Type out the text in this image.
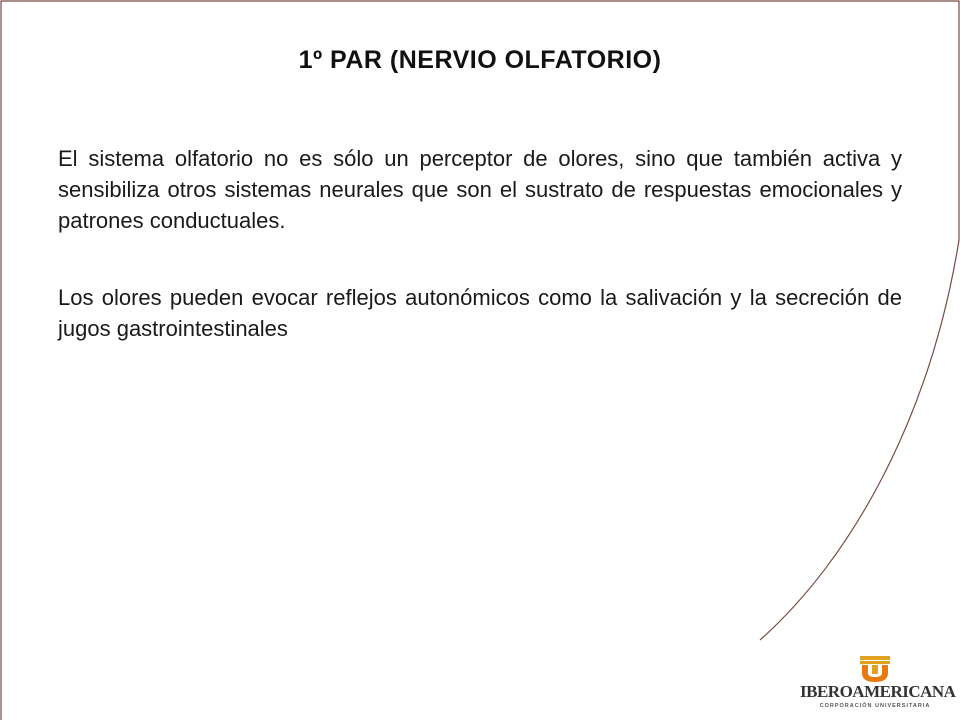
1º PAR (NERVIO OLFATORIO)

El sistema olfatorio no es sólo un perceptor de olores, sino que también activa y sensibiliza otros sistemas neurales que son el sustrato de respuestas emocionales y patrones conductuales.

Los olores pueden evocar reflejos autonómicos como la salivación y la secreción de jugos gastrointestinales

IBEROAMERICANA
CORPORACIÓN UNIVERSITARIA
